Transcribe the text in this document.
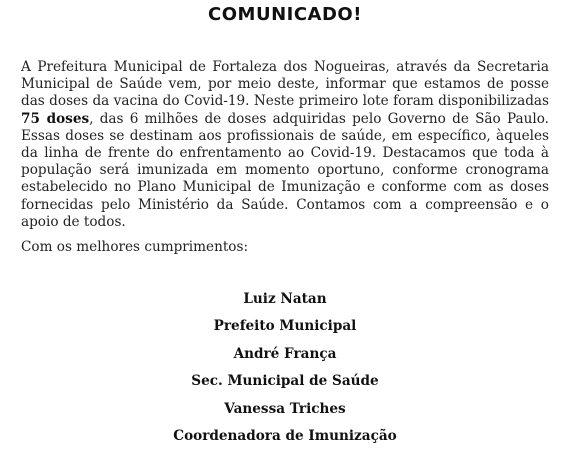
COMUNICADO!
A Prefeitura Municipal de Fortaleza dos Nogueiras, através da Secretaria Municipal de Saúde vem, por meio deste, informar que estamos de posse das doses da vacina do Covid-19. Neste primeiro lote foram disponibilizadas 75 doses, das 6 milhões de doses adquiridas pelo Governo de São Paulo. Essas doses se destinam aos profissionais de saúde, em específico, àqueles da linha de frente do enfrentamento ao Covid-19. Destacamos que toda à população será imunizada em momento oportuno, conforme cronograma estabelecido no Plano Municipal de Imunização e conforme com as doses fornecidas pelo Ministério da Saúde. Contamos com a compreensão e o apoio de todos.
Com os melhores cumprimentos:
Luiz Natan
Prefeito Municipal
André França
Sec. Municipal de Saúde
Vanessa Triches
Coordenadora de Imunização
